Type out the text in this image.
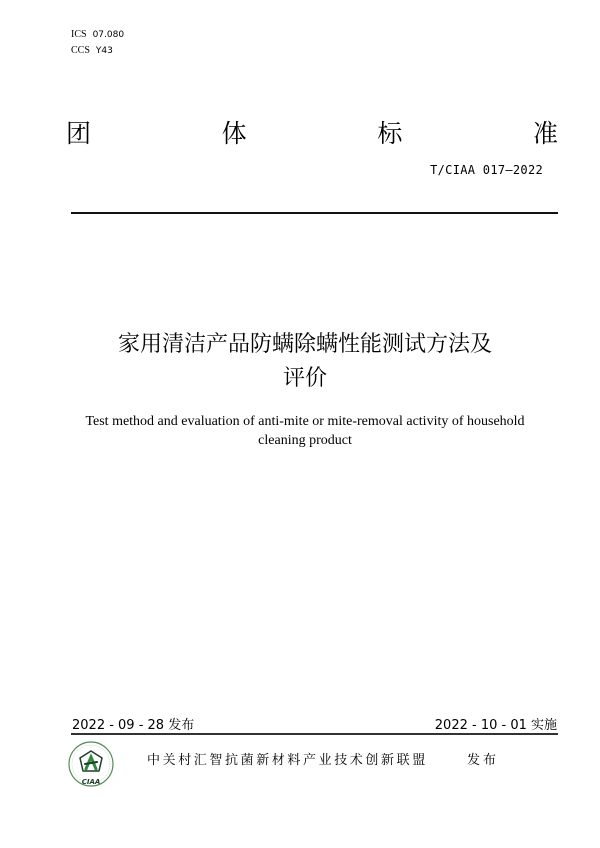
ICS 07.080
CCS Y43
团	体	标	准
T/CIAA 017—2022
家用清洁产品防螨除螨性能测试方法及
评价
Test method and evaluation of anti-mite or mite-removal activity of household
cleaning product
2022 - 09 - 28 发布	2022 - 10 - 01 实施
CIAA
中关村汇智抗菌新材料产业技术创新联盟	发布
